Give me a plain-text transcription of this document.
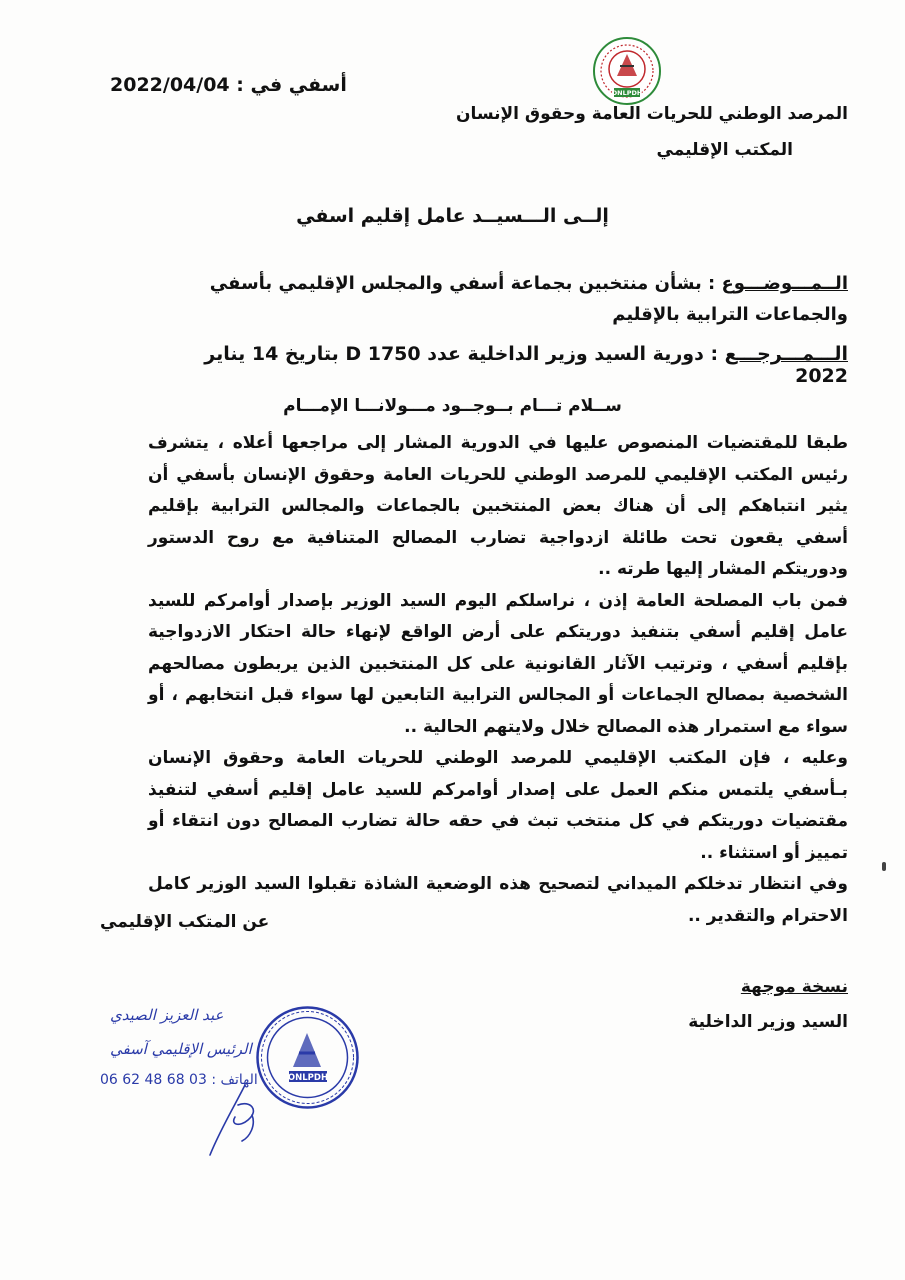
أسفي في : 2022/04/04	ONLPDH
المرصد الوطني للحريات العامة وحقوق الإنسان
المكتب الإقليمي
إلــى الـــسيــد عامل إقليم اسفي
الــمـــوضـــوع : بشأن منتخبين بجماعة أسفي والمجلس الإقليمي بأسفي والجماعات الترابية بالإقليم
الـــمـــرجـــع : دورية السيد وزير الداخلية عدد D 1750 بتاريخ 14 يناير 2022
ســلام تـــام بــوجــود مـــولانـــا الإمـــام

طبقا للمقتضيات المنصوص عليها في الدورية المشار إلى مراجعها أعلاه ، يتشرف رئيس المكتب الإقليمي للمرصد الوطني للحريات العامة وحقوق الإنسان بأسفي أن يثير انتباهكم إلى أن هناك بعض المنتخبين بالجماعات والمجالس الترابية بإقليم أسفي يقعون تحت طائلة ازدواجية تضارب المصالح المتنافية مع روح الدستور ودوريتكم المشار إليها طرته ..

فمن باب المصلحة العامة إذن ، نراسلكم اليوم السيد الوزير بإصدار أوامركم للسيد عامل إقليم أسفي بتنفيذ دوريتكم على أرض الواقع لإنهاء حالة احتكار الازدواجية بإقليم أسفي ، وترتيب الآثار القانونية على كل المنتخبين الذين يربطون مصالحهم الشخصية بمصالح الجماعات أو المجالس الترابية التابعين لها سواء قبل انتخابهم ، أو سواء مع استمرار هذه المصالح خلال ولايتهم الحالية ..

وعليه ، فإن المكتب الإقليمي للمرصد الوطني للحريات العامة وحقوق الإنسان بـأسفي يلتمس منكم العمل على إصدار أوامركم للسيد عامل إقليم أسفي لتنفيذ مقتضيات دوريتكم في كل منتخب تبث في حقه حالة تضارب المصالح دون انتقاء أو تمييز أو استثناء ..

وفي انتظار تدخلكم الميداني لتصحيح هذه الوضعية الشاذة تقبلوا السيد الوزير كامل الاحترام والتقدير ..

عن المتكب الإقليمي
نسخة موجهة
السيد وزير الداخلية
عبد العزيز الصيدي
الرئيس الإقليمي آسفي
06 62 48 68 03 : الهاتف	ONLPDH
